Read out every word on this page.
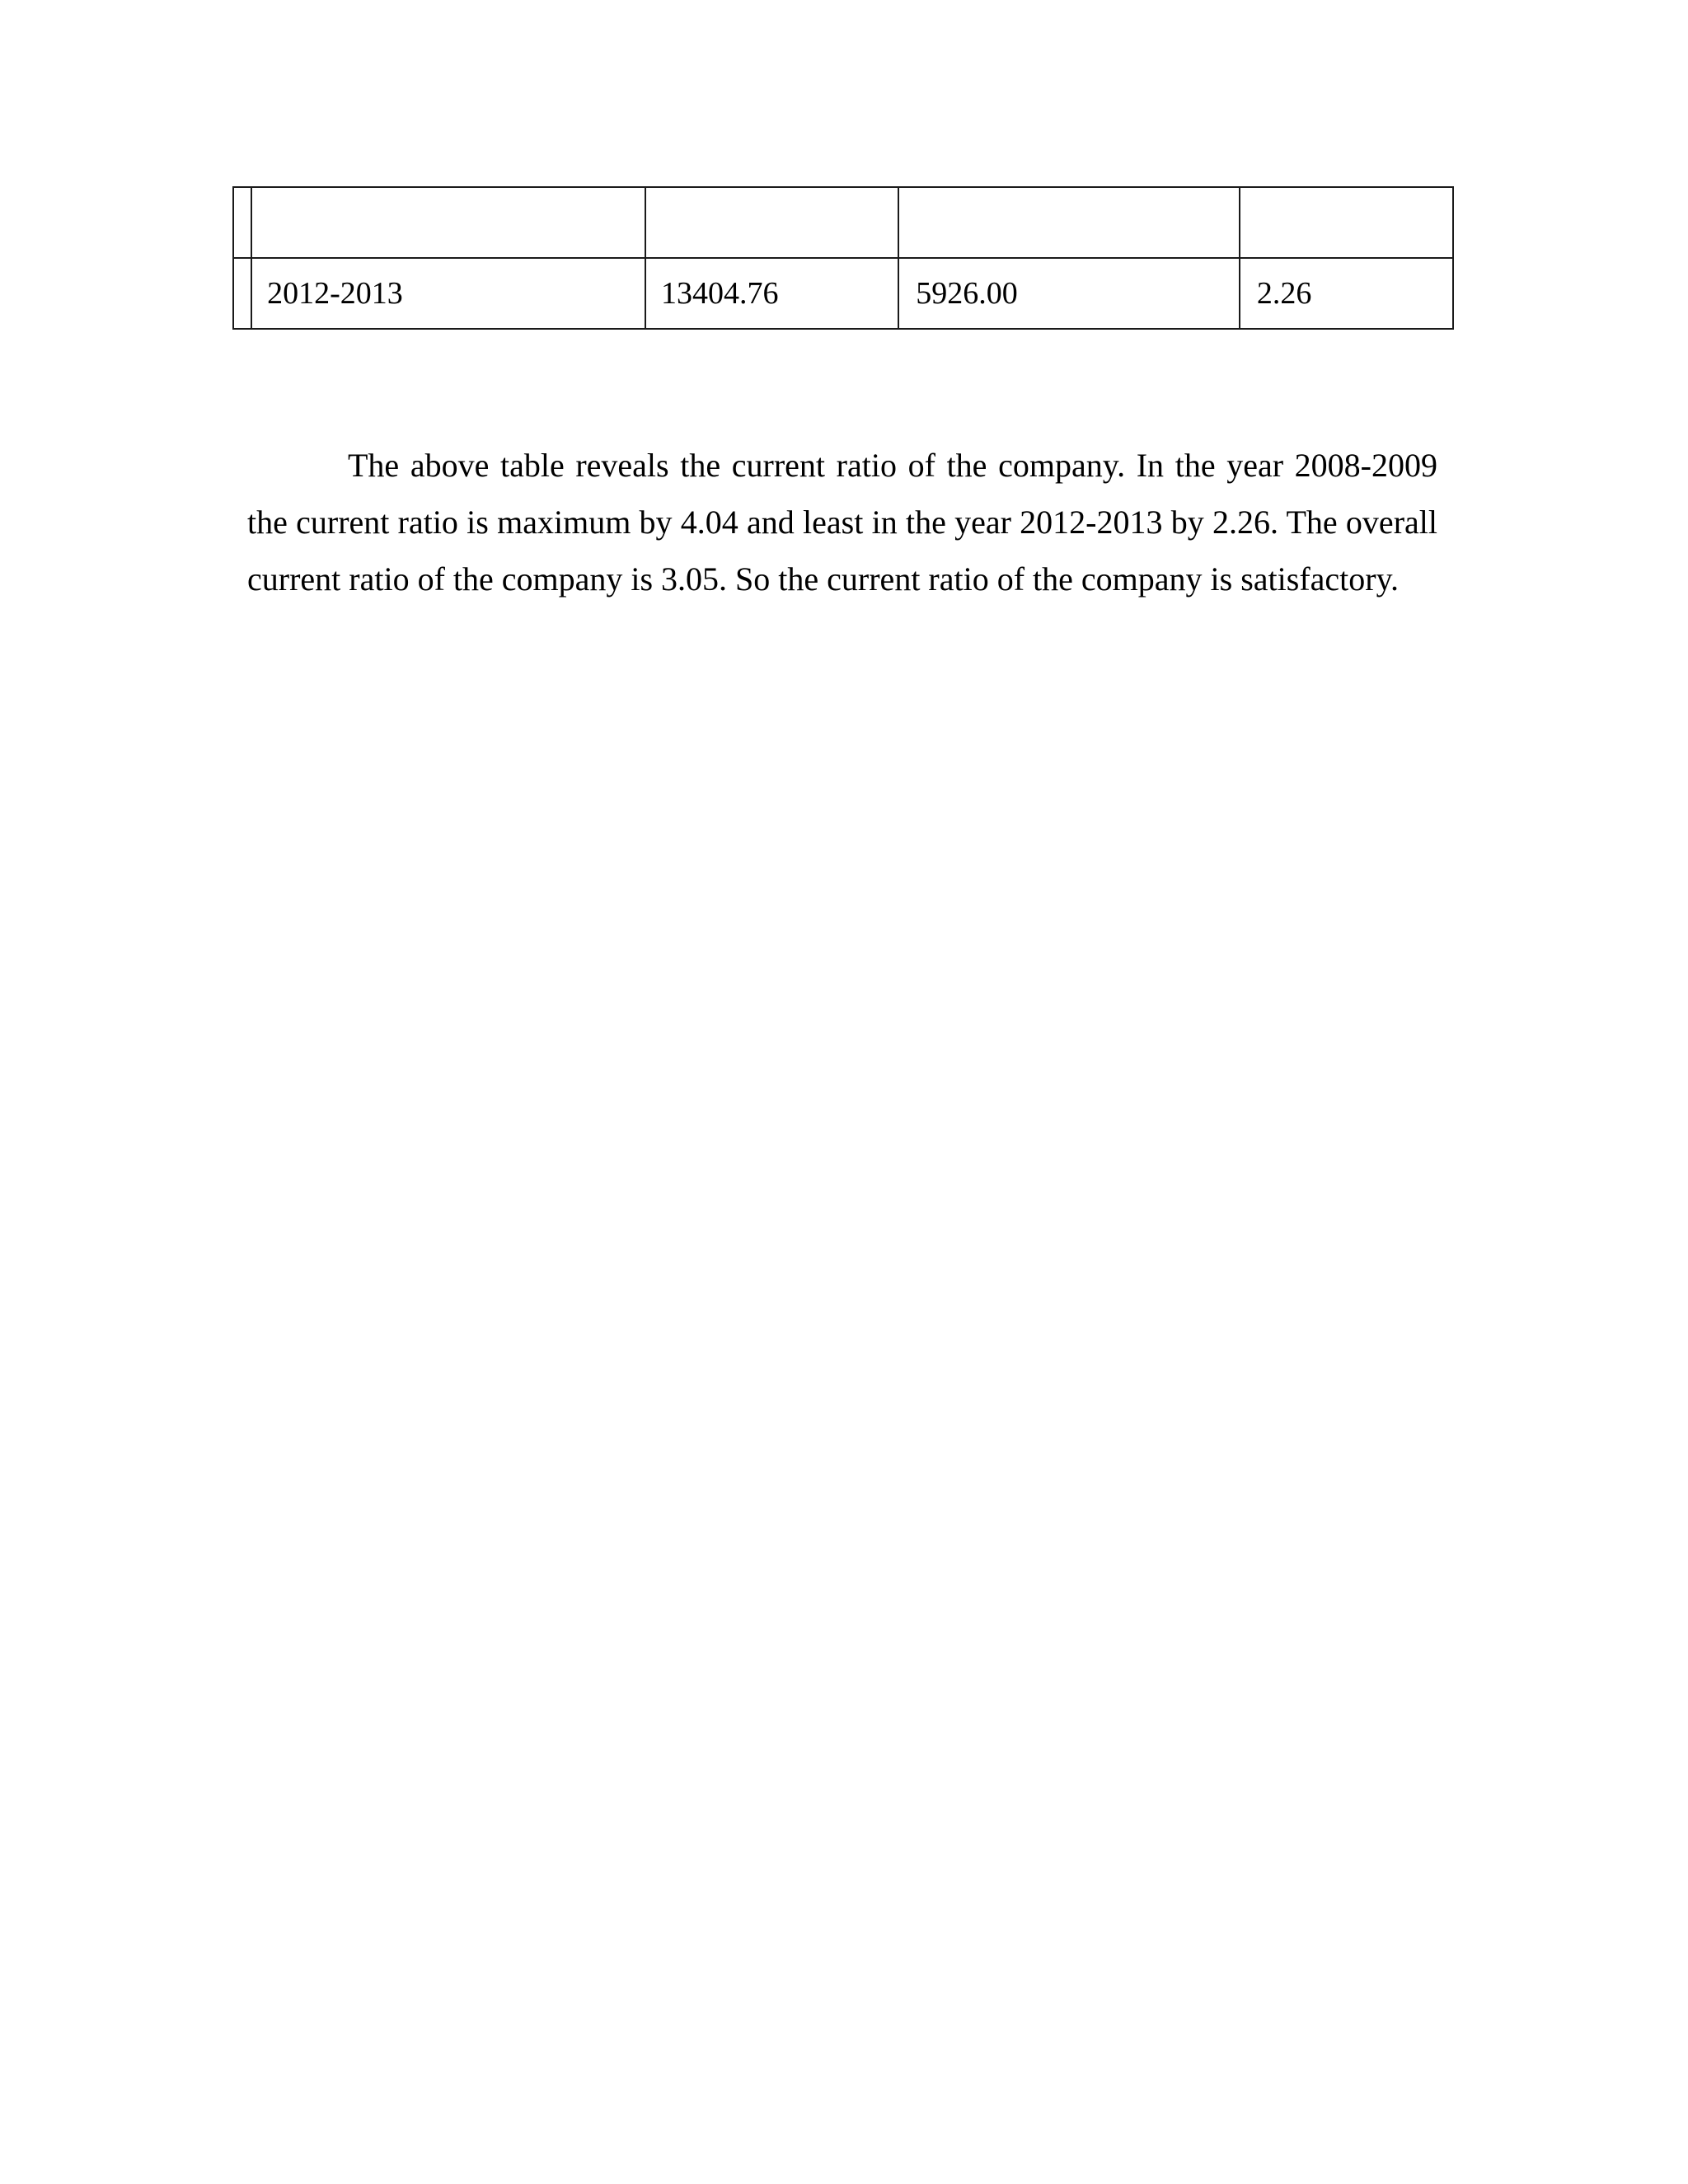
	2012-2013	13404.76	5926.00	2.26

The above table reveals the current ratio of the company. In the year 2008-2009 the current ratio is maximum by 4.04 and least in the year 2012-2013 by 2.26. The overall current ratio of the company is 3.05. So the current ratio of the company is satisfactory.
